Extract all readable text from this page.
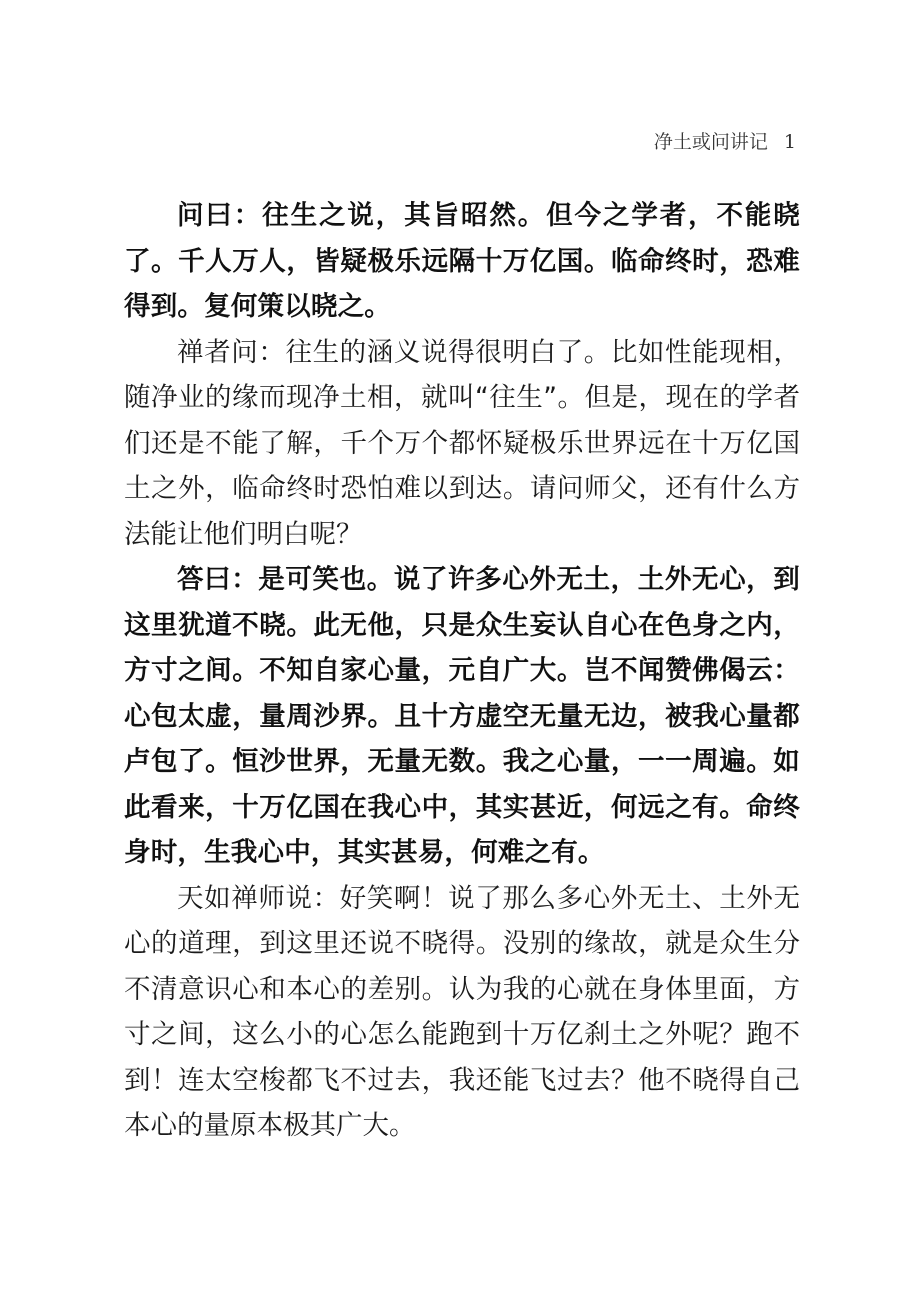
净土或问讲记 1

问曰：往生之说，其旨昭然。但今之学者，不能晓了。千人万人，皆疑极乐远隔十万亿国。临命终时，恐难得到。复何策以晓之。

禅者问：往生的涵义说得很明白了。比如性能现相，随净业的缘而现净土相，就叫“往生”。但是，现在的学者们还是不能了解，千个万个都怀疑极乐世界远在十万亿国土之外，临命终时恐怕难以到达。请问师父，还有什么方法能让他们明白呢？

答曰：是可笑也。说了许多心外无土，土外无心，到这里犹道不晓。此无他，只是众生妄认自心在色身之内，方寸之间。不知自家心量，元自广大。岂不闻赞佛偈云：心包太虚，量周沙界。且十方虚空无量无边，被我心量都卢包了。恒沙世界，无量无数。我之心量，一一周遍。如此看来，十万亿国在我心中，其实甚近，何远之有。命终身时，生我心中，其实甚易，何难之有。

天如禅师说：好笑啊！说了那么多心外无土、土外无心的道理，到这里还说不晓得。没别的缘故，就是众生分不清意识心和本心的差别。认为我的心就在身体里面，方寸之间，这么小的心怎么能跑到十万亿刹土之外呢？跑不到！连太空梭都飞不过去，我还能飞过去？他不晓得自己本心的量原本极其广大。
